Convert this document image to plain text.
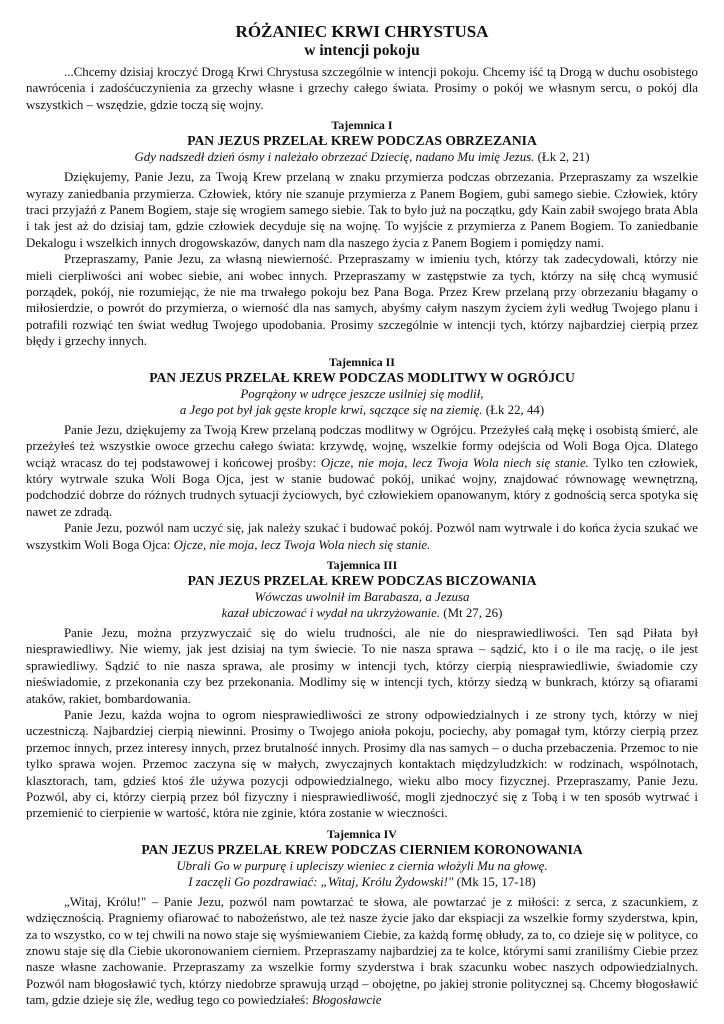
RÓŻANIEC KRWI CHRYSTUSA
w intencji pokoju

...Chcemy dzisiaj kroczyć Drogą Krwi Chrystusa szczególnie w intencji pokoju. Chcemy iść tą Drogą w duchu osobistego nawrócenia i zadośćuczynienia za grzechy własne i grzechy całego świata. Prosimy o pokój we własnym sercu, o pokój dla wszystkich – wszędzie, gdzie toczą się wojny.

Tajemnica I
PAN JEZUS PRZELAŁ KREW PODCZAS OBRZEZANIA
Gdy nadszedł dzień ósmy i należało obrzezać Dziecię, nadano Mu imię Jezus. (Łk 2, 21)

Dziękujemy, Panie Jezu, za Twoją Krew przelaną w znaku przymierza podczas obrzezania. Przepraszamy za wszelkie wyrazy zaniedbania przymierza. Człowiek, który nie szanuje przymierza z Panem Bogiem, gubi samego siebie. Człowiek, który traci przyjaźń z Panem Bogiem, staje się wrogiem samego siebie. Tak to było już na początku, gdy Kain zabił swojego brata Abla i tak jest aż do dzisiaj tam, gdzie człowiek decyduje się na wojnę. To wyjście z przymierza z Panem Bogiem. To zaniedbanie Dekalogu i wszelkich innych drogowskazów, danych nam dla naszego życia z Panem Bogiem i pomiędzy nami.

Przepraszamy, Panie Jezu, za własną niewierność. Przepraszamy w imieniu tych, którzy tak zadecydowali, którzy nie mieli cierpliwości ani wobec siebie, ani wobec innych. Przepraszamy w zastępstwie za tych, którzy na siłę chcą wymusić porządek, pokój, nie rozumiejąc, że nie ma trwałego pokoju bez Pana Boga. Przez Krew przelaną przy obrzezaniu błagamy o miłosierdzie, o powrót do przymierza, o wierność dla nas samych, abyśmy całym naszym życiem żyli według Twojego planu i potrafili rozwiąć ten świat według Twojego upodobania. Prosimy szczególnie w intencji tych, którzy najbardziej cierpią przez błędy i grzechy innych.

Tajemnica II
PAN JEZUS PRZELAŁ KREW PODCZAS MODLITWY W OGRÓJCU
Pogrążony w udręce jeszcze usilniej się modlił,
a Jego pot był jak gęste krople krwi, sączące się na ziemię. (Łk 22, 44)

Panie Jezu, dziękujemy za Twoją Krew przelaną podczas modlitwy w Ogrójcu. Przeżyłeś całą mękę i osobistą śmierć, ale przeżyłeś też wszystkie owoce grzechu całego świata: krzywdę, wojnę, wszelkie formy odejścia od Woli Boga Ojca. Dlatego wciąż wracasz do tej podstawowej i końcowej prośby: Ojcze, nie moja, lecz Twoja Wola niech się stanie. Tylko ten człowiek, który wytrwale szuka Woli Boga Ojca, jest w stanie budować pokój, unikać wojny, znajdować równowagę wewnętrzną, podchodzić dobrze do różnych trudnych sytuacji życiowych, być człowiekiem opanowanym, który z godnością serca spotyka się nawet ze zdradą.

Panie Jezu, pozwól nam uczyć się, jak należy szukać i budować pokój. Pozwól nam wytrwale i do końca życia szukać we wszystkim Woli Boga Ojca: Ojcze, nie moja, lecz Twoja Wola niech się stanie.

Tajemnica III
PAN JEZUS PRZELAŁ KREW PODCZAS BICZOWANIA
Wówczas uwolnił im Barabasza, a Jezusa
kazał ubiczować i wydał na ukrzyżowanie. (Mt 27, 26)

Panie Jezu, można przyzwyczaić się do wielu trudności, ale nie do niesprawiedliwości. Ten sąd Piłata był niesprawiedliwy. Nie wiemy, jak jest dzisiaj na tym świecie. To nie nasza sprawa – sądzić, kto i o ile ma rację, o ile jest sprawiedliwy. Sądzić to nie nasza sprawa, ale prosimy w intencji tych, którzy cierpią niesprawiedliwie, świadomie czy nieświadomie, z przekonania czy bez przekonania. Modlimy się w intencji tych, którzy siedzą w bunkrach, którzy są ofiarami ataków, rakiet, bombardowania.

Panie Jezu, każda wojna to ogrom niesprawiedliwości ze strony odpowiedzialnych i ze strony tych, którzy w niej uczestniczą. Najbardziej cierpią niewinni. Prosimy o Twojego anioła pokoju, pociechy, aby pomagał tym, którzy cierpią przez przemoc innych, przez interesy innych, przez brutalność innych. Prosimy dla nas samych – o ducha przebaczenia. Przemoc to nie tylko sprawa wojen. Przemoc zaczyna się w małych, zwyczajnych kontaktach międzyludzkich: w rodzinach, wspólnotach, klasztorach, tam, gdzieś ktoś źle używa pozycji odpowiedzialnego, wieku albo mocy fizycznej. Przepraszamy, Panie Jezu. Pozwól, aby ci, którzy cierpią przez ból fizyczny i niesprawiedliwość, mogli zjednoczyć się z Tobą i w ten sposób wytrwać i przemienić to cierpienie w wartość, która nie zginie, która zostanie w wieczności.

Tajemnica IV
PAN JEZUS PRZELAŁ KREW PODCZAS CIERNIEM KORONOWANIA
Ubrali Go w purpurę i upleciszy wieniec z ciernia włożyli Mu na głowę.
I zaczęli Go pozdrawiać: „Witaj, Królu Żydowski!" (Mk 15, 17-18)

„Witaj, Królu!" – Panie Jezu, pozwól nam powtarzać te słowa, ale powtarzać je z miłości: z serca, z szacunkiem, z wdzięcznością. Pragniemy ofiarować to nabożeństwo, ale też nasze życie jako dar ekspiacji za wszelkie formy szyderstwa, kpin, za to wszystko, co w tej chwili na nowo staje się wyśmiewaniem Ciebie, za każdą formę obłudy, za to, co dzieje się w polityce, co znowu staje się dla Ciebie ukoronowaniem cierniem. Przepraszamy najbardziej za te kolce, którymi sami zraniliśmy Ciebie przez nasze własne zachowanie. Przepraszamy za wszelkie formy szyderstwa i brak szacunku wobec naszych odpowiedzialnych. Pozwól nam błogosławić tych, którzy niedobrze sprawują urząd – obojętne, po jakiej stronie politycznej są. Chcemy błogosławić tam, gdzie dzieje się źle, według tego co powiedziałeś: Błogosławcie
